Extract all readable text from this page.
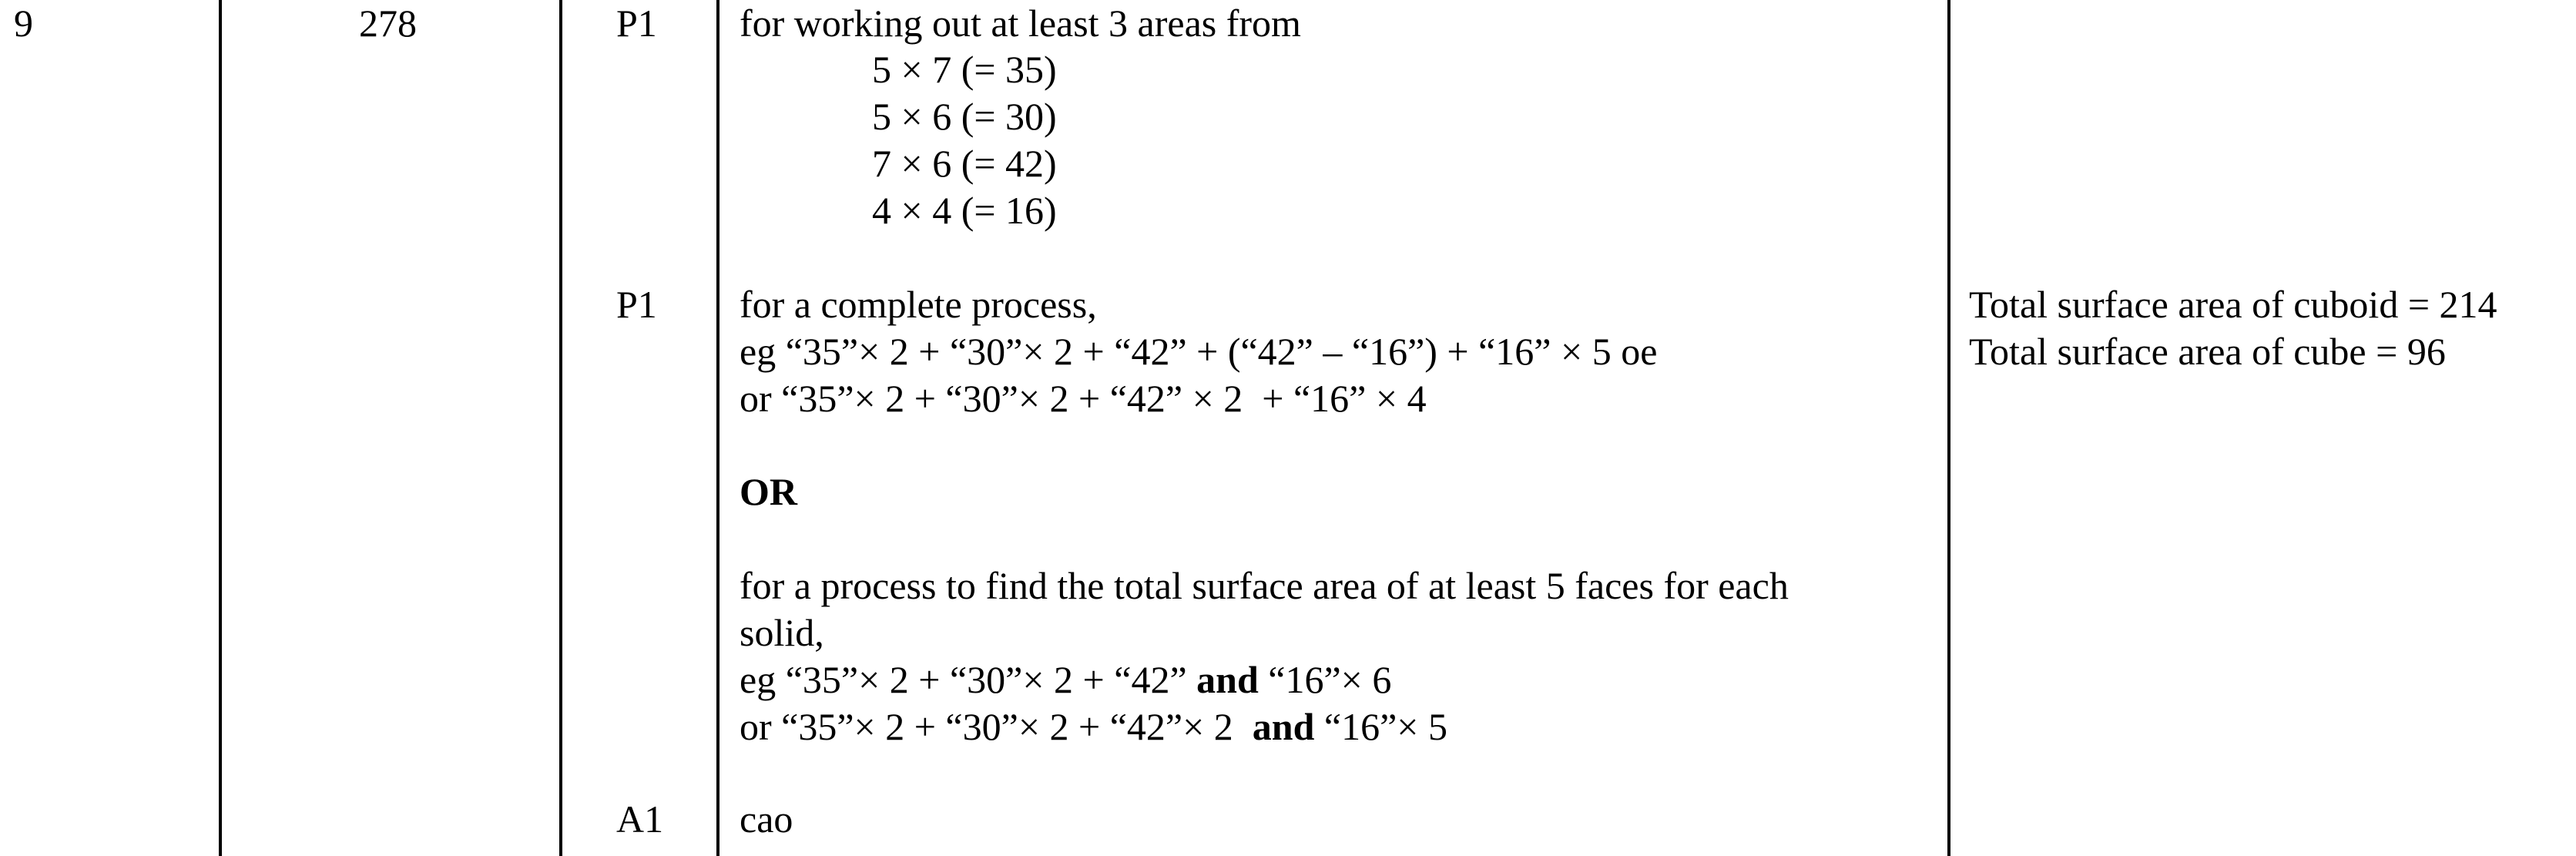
9	278	P1
P1
A1
for working out at least 3 areas from
5 × 7 (= 35)
5 × 6 (= 30)
7 × 6 (= 42)
4 × 4 (= 16)
for a complete process,
eg “35”× 2 + “30”× 2 + “42” + (“42” – “16”) + “16” × 5 oe
or “35”× 2 + “30”× 2 + “42” × 2  + “16” × 4
OR
for a process to find the total surface area of at least 5 faces for each
solid,
eg “35”× 2 + “30”× 2 + “42” and “16”× 6
or “35”× 2 + “30”× 2 + “42”× 2  and “16”× 5
cao
Total surface area of cuboid = 214
Total surface area of cube = 96
